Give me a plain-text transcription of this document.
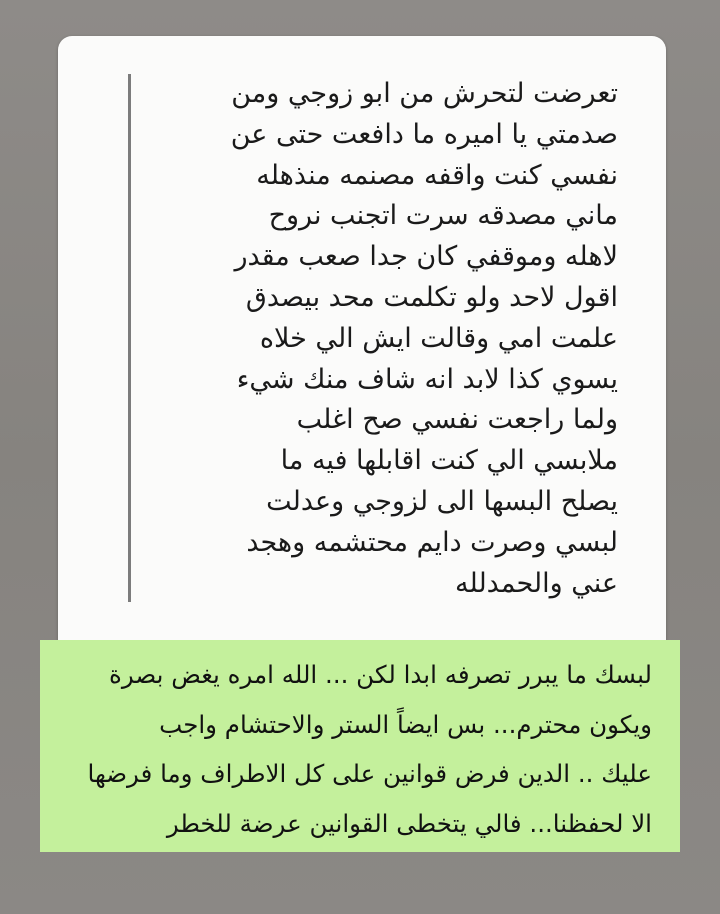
تعرضت لتحرش من ابو زوجي ومن
صدمتي يا اميره ما دافعت حتى عن
نفسي كنت واقفه مصنمه منذهله
ماني مصدقه سرت اتجنب نروح
لاهله وموقفي كان جدا صعب مقدر
اقول لاحد ولو تكلمت محد بيصدق
علمت امي وقالت ايش الي خلاه
يسوي كذا لابد انه شاف منك شيء
ولما راجعت نفسي صح اغلب
ملابسي الي كنت اقابلها فيه ما
يصلح البسها الى لزوجي وعدلت
لبسي وصرت دايم محتشمه وهجد
عني والحمدلله
لبسك ما يبرر تصرفه ابدا لكن ... الله امره يغض بصرة
ويكون محترم... بس ايضاً الستر والاحتشام واجب
عليك .. الدين فرض قوانين على كل الاطراف وما فرضها
الا لحفظنا... فالي يتخطى القوانين عرضة للخطر
